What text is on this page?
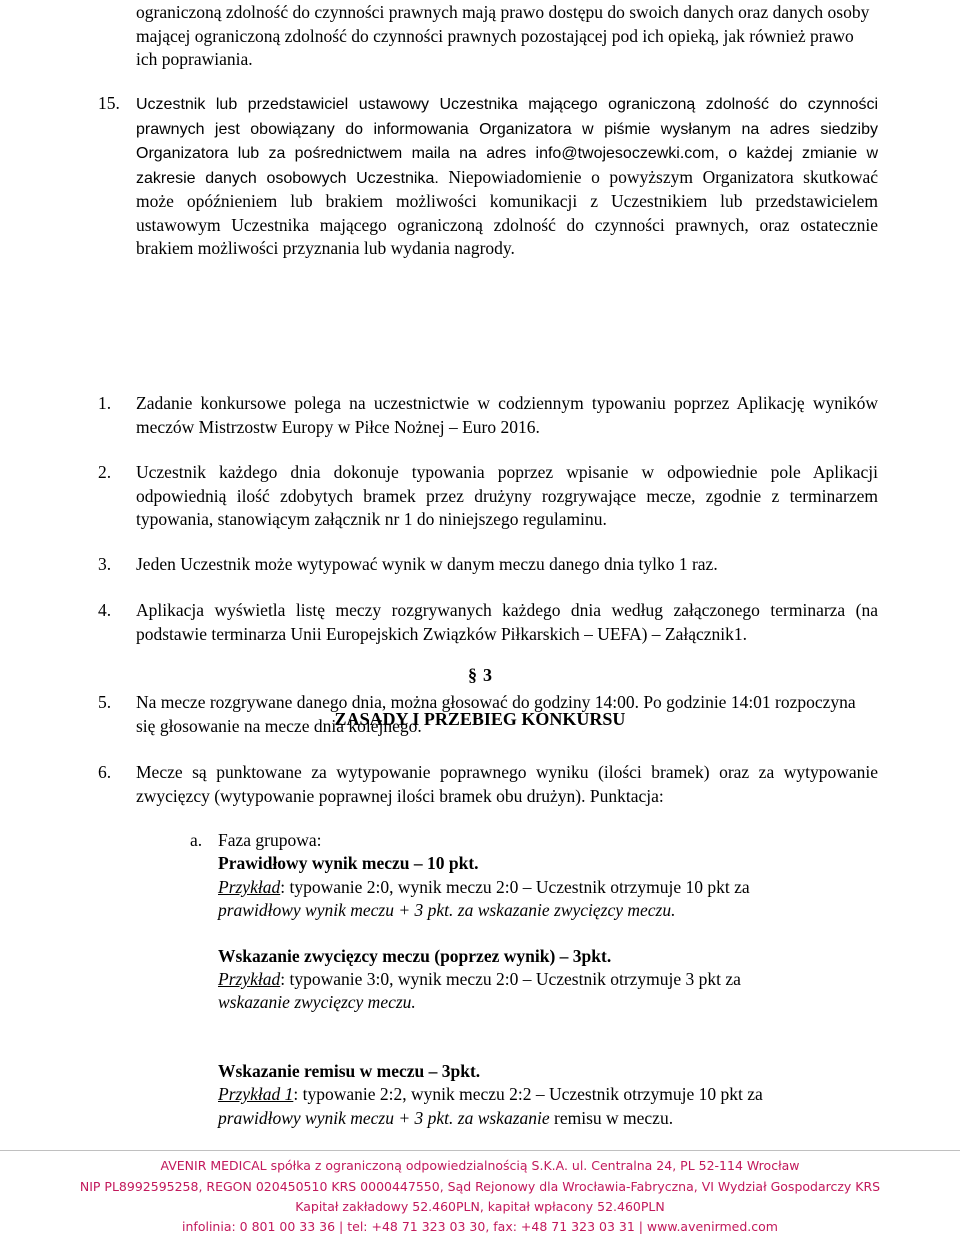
ograniczoną zdolność do czynności prawnych mają prawo dostępu do swoich danych oraz danych osoby mającej ograniczoną zdolność do czynności prawnych pozostającej pod ich opieką, jak również prawo ich poprawiania.
15.	Uczestnik lub przedstawiciel ustawowy Uczestnika mającego ograniczoną zdolność do czynności prawnych jest obowiązany do informowania Organizatora w piśmie wysłanym na adres siedziby Organizatora lub za pośrednictwem maila na adres info@twojesoczewki.com, o każdej zmianie w zakresie danych osobowych Uczestnika. Niepowiadomienie o powyższym Organizatora skutkować może opóźnieniem lub brakiem możliwości komunikacji z Uczestnikiem lub przedstawicielem ustawowym Uczestnika mającego ograniczoną zdolność do czynności prawnych, oraz ostatecznie brakiem możliwości przyznania lub wydania nagrody.
§ 3
ZASADY I PRZEBIEG KONKURSU
1.	Zadanie konkursowe polega na uczestnictwie w codziennym typowaniu poprzez Aplikację wyników meczów Mistrzostw Europy w Piłce Nożnej – Euro 2016.
2.	Uczestnik każdego dnia dokonuje typowania poprzez wpisanie w odpowiednie pole Aplikacji odpowiednią ilość zdobytych bramek przez drużyny rozgrywające mecze, zgodnie z terminarzem typowania, stanowiącym załącznik nr 1 do niniejszego regulaminu.
3.	Jeden Uczestnik może wytypować wynik w danym meczu danego dnia tylko 1 raz.
4.	Aplikacja wyświetla listę meczy rozgrywanych każdego dnia według załączonego terminarza (na podstawie terminarza Unii Europejskich Związków Piłkarskich – UEFA) – Załącznik1.
5.	Na mecze rozgrywane danego dnia, można głosować do godziny 14:00. Po godzinie 14:01 rozpoczyna się głosowanie na mecze dnia kolejnego.
6.	Mecze są punktowane za wytypowanie poprawnego wyniku (ilości bramek) oraz za wytypowanie zwycięzcy (wytypowanie poprawnej ilości bramek obu drużyn). Punktacja:
a. Faza grupowa:
Prawidłowy wynik meczu – 10 pkt.
Przykład: typowanie 2:0, wynik meczu 2:0 – Uczestnik otrzymuje 10 pkt za
prawidłowy wynik meczu + 3 pkt. za wskazanie zwycięzcy meczu.
Wskazanie zwycięzcy meczu (poprzez wynik) – 3pkt.
Przykład: typowanie 3:0, wynik meczu 2:0 – Uczestnik otrzymuje 3 pkt za
wskazanie zwycięzcy meczu.
Wskazanie remisu w meczu – 3pkt.
Przykład 1: typowanie 2:2, wynik meczu 2:2 – Uczestnik otrzymuje 10 pkt za
prawidłowy wynik meczu + 3 pkt. za wskazanie remisu w meczu.
AVENIR MEDICAL spółka z ograniczoną odpowiedzialnością S.K.A. ul. Centralna 24, PL 52-114 Wrocław
NIP PL8992595258, REGON 020450510 KRS 0000447550, Sąd Rejonowy dla Wrocławia-Fabryczna, VI Wydział Gospodarczy KRS
Kapitał zakładowy 52.460PLN, kapitał wpłacony 52.460PLN
infolinia: 0 801 00 33 36 | tel: +48 71 323 03 30, fax: +48 71 323 03 31 | www.avenirmed.com
